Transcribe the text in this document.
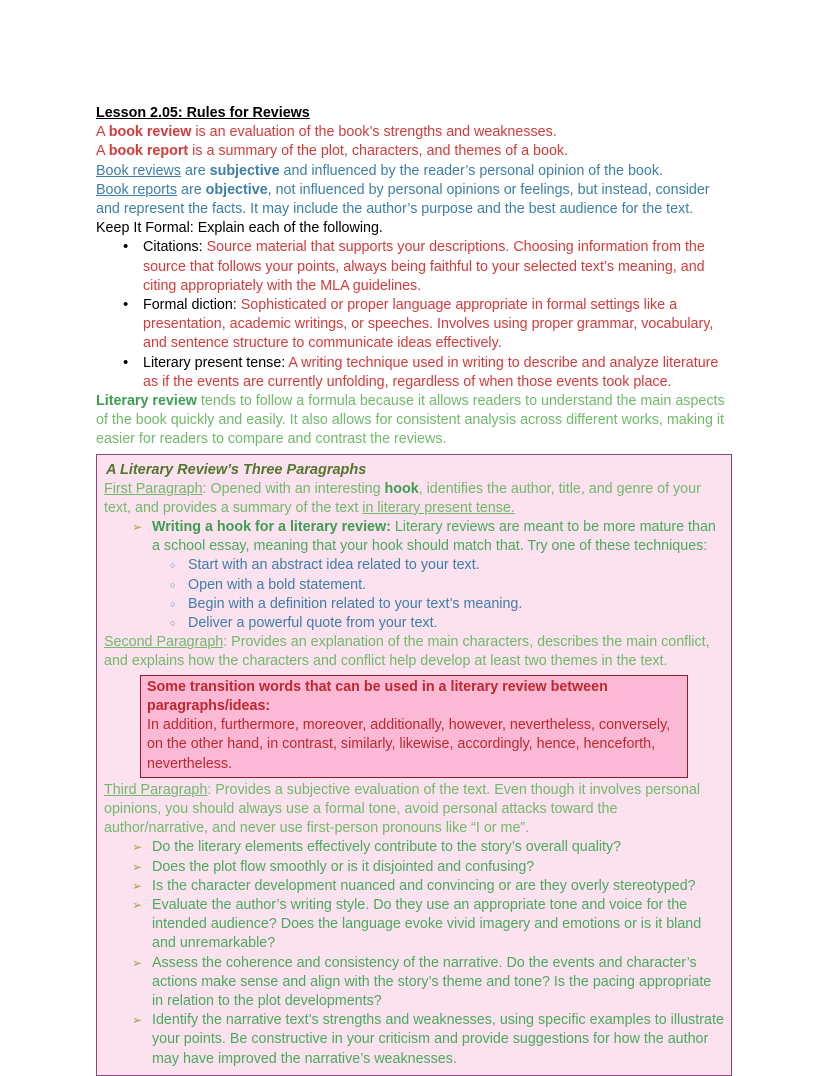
Lesson 2.05: Rules for Reviews

A book review is an evaluation of the book’s strengths and weaknesses.

A book report is a summary of the plot, characters, and themes of a book.

Book reviews are subjective and influenced by the reader’s personal opinion of the book.

Book reports are objective, not influenced by personal opinions or feelings, but instead, consider and represent the facts. It may include the author’s purpose and the best audience for the text.

Keep It Formal: Explain each of the following.

• Citations: Source material that supports your descriptions. Choosing information from the source that follows your points, always being faithful to your selected text’s meaning, and citing appropriately with the MLA guidelines.
• Formal diction: Sophisticated or proper language appropriate in formal settings like a presentation, academic writings, or speeches. Involves using proper grammar, vocabulary, and sentence structure to communicate ideas effectively.
• Literary present tense: A writing technique used in writing to describe and analyze literature as if the events are currently unfolding, regardless of when those events took place.

Literary review tends to follow a formula because it allows readers to understand the main aspects of the book quickly and easily. It also allows for consistent analysis across different works, making it easier for readers to compare and contrast the reviews.

A Literary Review’s Three Paragraphs

First Paragraph: Opened with an interesting hook, identifies the author, title, and genre of your text, and provides a summary of the text in literary present tense.

➢ Writing a hook for a literary review: Literary reviews are meant to be more mature than a school essay, meaning that your hook should match that. Try one of these techniques:
○ Start with an abstract idea related to your text.
○ Open with a bold statement.
○ Begin with a definition related to your text’s meaning.
○ Deliver a powerful quote from your text.

Second Paragraph: Provides an explanation of the main characters, describes the main conflict, and explains how the characters and conflict help develop at least two themes in the text.

Some transition words that can be used in a literary review between paragraphs/ideas:

In addition, furthermore, moreover, additionally, however, nevertheless, conversely, on the other hand, in contrast, similarly, likewise, accordingly, hence, henceforth, nevertheless.

Third Paragraph: Provides a subjective evaluation of the text. Even though it involves personal opinions, you should always use a formal tone, avoid personal attacks toward the author/narrative, and never use first-person pronouns like “I or me”.

➢ Do the literary elements effectively contribute to the story’s overall quality?
➢ Does the plot flow smoothly or is it disjointed and confusing?
➢ Is the character development nuanced and convincing or are they overly stereotyped?
➢ Evaluate the author’s writing style. Do they use an appropriate tone and voice for the intended audience? Does the language evoke vivid imagery and emotions or is it bland and unremarkable?
➢ Assess the coherence and consistency of the narrative. Do the events and character’s actions make sense and align with the story’s theme and tone? Is the pacing appropriate in relation to the plot developments?
➢ Identify the narrative text’s strengths and weaknesses, using specific examples to illustrate your points. Be constructive in your criticism and provide suggestions for how the author may have improved the narrative’s weaknesses.
